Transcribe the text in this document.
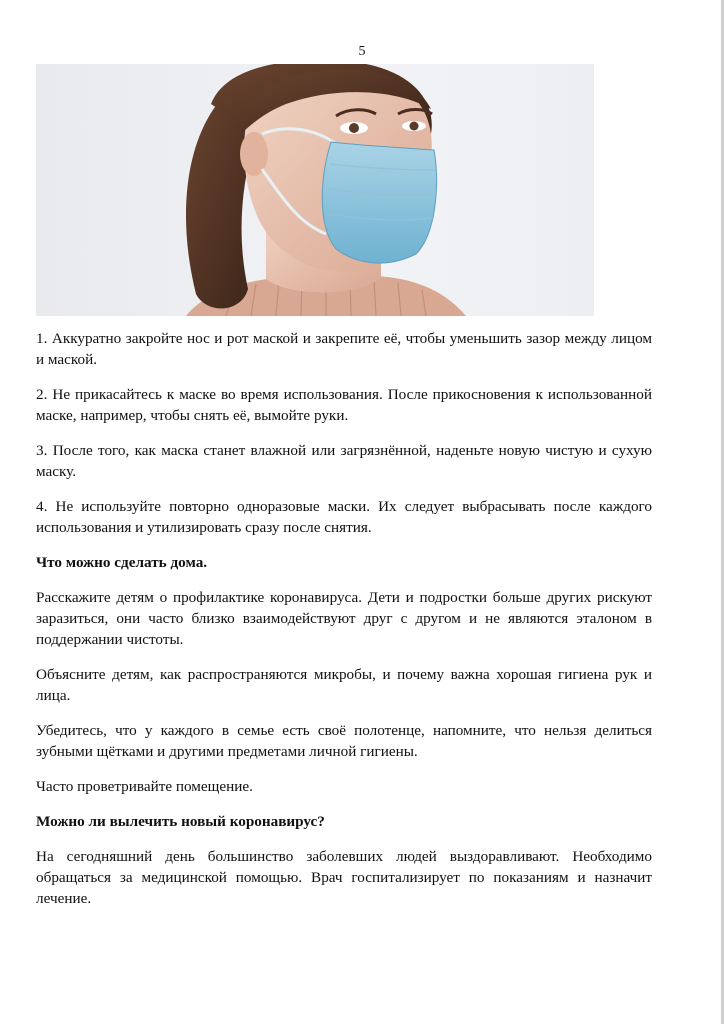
5

1. Аккуратно закройте нос и рот маской и закрепите её, чтобы уменьшить зазор между лицом и маской.

2. Не прикасайтесь к маске во время использования. После прикосновения к использованной маске, например, чтобы снять её, вымойте руки.

3. После того, как маска станет влажной или загрязнённой, наденьте новую чистую и сухую маску.

4. Не используйте повторно одноразовые маски. Их следует выбрасывать после каждого использования и утилизировать сразу после снятия.

Что можно сделать дома.

Расскажите детям о профилактике коронавируса. Дети и подростки больше других рискуют заразиться, они часто близко взаимодействуют друг с другом и не являются эталоном в поддержании чистоты.

Объясните детям, как распространяются микробы, и почему важна хорошая гигиена рук и лица.

Убедитесь, что у каждого в семье есть своё полотенце, напомните, что нельзя делиться зубными щётками и другими предметами личной гигиены.

Часто проветривайте помещение.

Можно ли вылечить новый коронавирус?

На сегодняшний день большинство заболевших людей выздоравливают. Необходимо обращаться за медицинской помощью. Врач госпитализирует по показаниям и назначит лечение.
